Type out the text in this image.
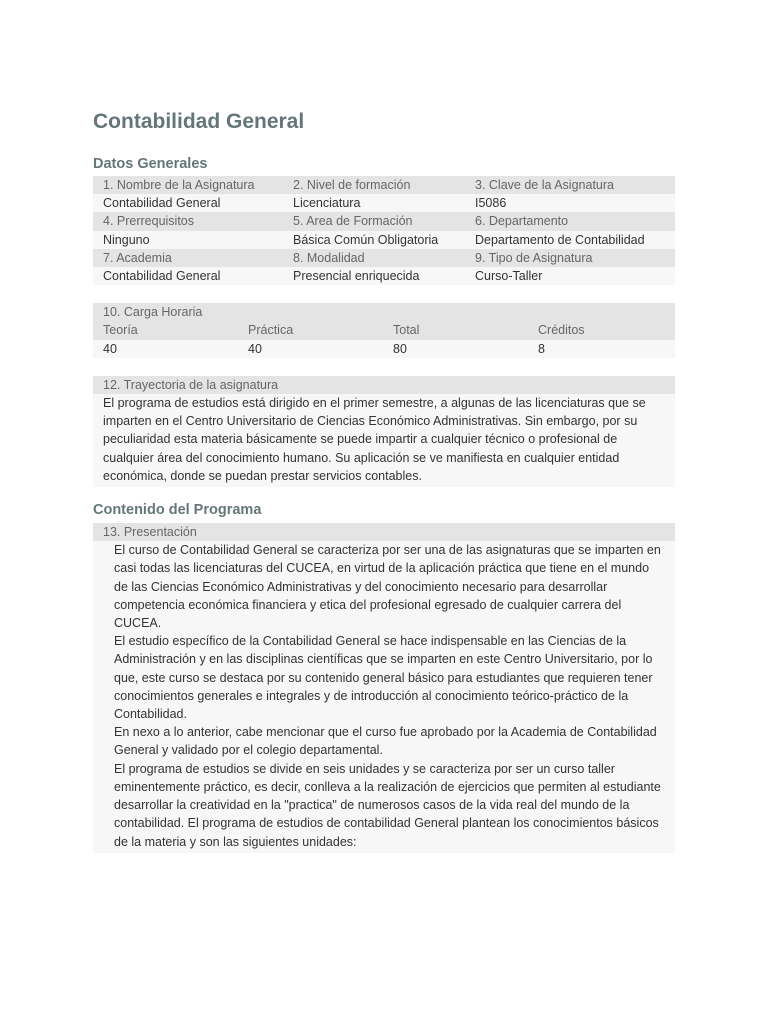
Contabilidad General
Datos Generales
1. Nombre de la Asignatura	2. Nivel de formación	3. Clave de la Asignatura
Contabilidad General	Licenciatura	I5086
4. Prerrequisitos	5. Area de Formación	6. Departamento
Ninguno	Básica Común Obligatoria	Departamento de Contabilidad
7. Academia	8. Modalidad	9. Tipo de Asignatura
Contabilidad General	Presencial enriquecida	Curso-Taller
10. Carga Horaria			
Teoría	Práctica	Total	Créditos
40	40	80	8
12. Trayectoria de la asignatura
El programa de estudios está dirigido en el primer semestre, a algunas de las licenciaturas que se imparten en el Centro Universitario de Ciencias Económico Administrativas. Sin embargo, por su peculiaridad esta materia básicamente se puede impartir a cualquier técnico o profesional de cualquier área del conocimiento humano. Su aplicación se ve manifiesta en cualquier entidad económica, donde se puedan prestar servicios contables.
Contenido del Programa
13. Presentación

El curso de Contabilidad General se caracteriza por ser una de las asignaturas que se imparten en casi todas las licenciaturas del CUCEA, en virtud de la aplicación práctica que tiene en el mundo de las Ciencias Económico Administrativas y del conocimiento necesario para desarrollar competencia económica financiera y etica del profesional egresado de cualquier carrera del CUCEA.

El estudio específico de la Contabilidad General se hace indispensable en las Ciencias de la Administración y en las disciplinas científicas que se imparten en este Centro Universitario, por lo que, este curso se destaca por su contenido general básico para estudiantes que requieren tener conocimientos generales e integrales y de introducción al conocimiento teórico-práctico de la Contabilidad.

En nexo a lo anterior, cabe mencionar que el curso fue aprobado por la Academia de Contabilidad General y validado por el colegio departamental.

El programa de estudios se divide en seis unidades y se caracteriza por ser un curso taller eminentemente práctico, es decir, conlleva a la realización de ejercicios que permiten al estudiante desarrollar la creatividad en la "practica" de numerosos casos de la vida real del mundo de la contabilidad. El programa de estudios de contabilidad General plantean los conocimientos básicos de la materia y son las siguientes unidades:
